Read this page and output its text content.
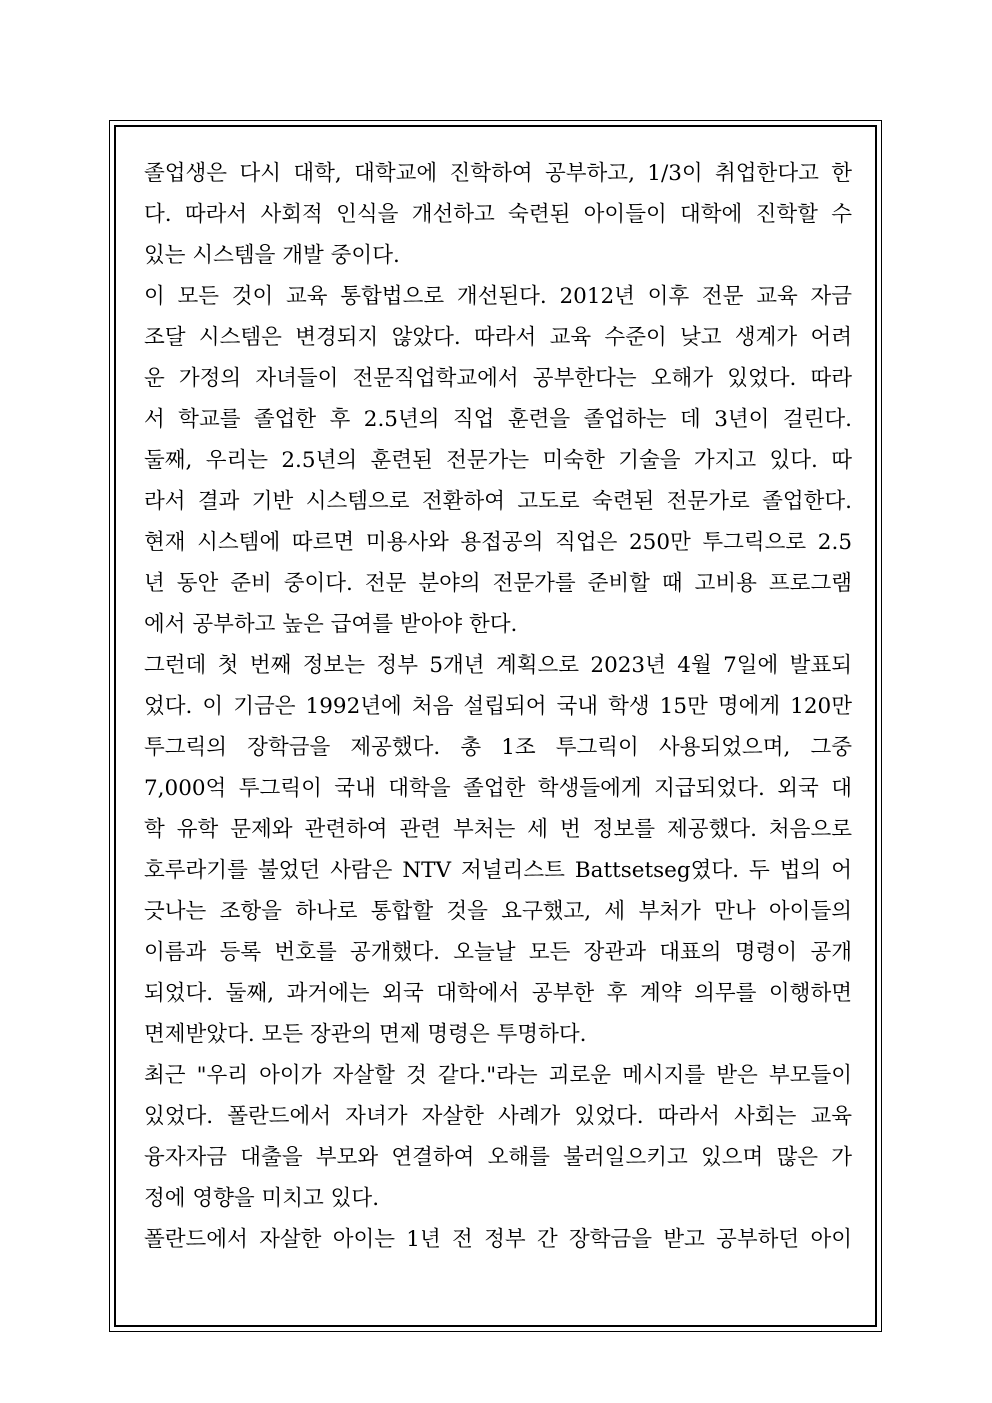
졸업생은 다시 대학, 대학교에 진학하여 공부하고, 1/3이 취업한다고 한
다. 따라서 사회적 인식을 개선하고 숙련된 아이들이 대학에 진학할 수
있는 시스템을 개발 중이다.
이 모든 것이 교육 통합법으로 개선된다. 2012년 이후 전문 교육 자금
조달 시스템은 변경되지 않았다. 따라서 교육 수준이 낮고 생계가 어려
운 가정의 자녀들이 전문직업학교에서 공부한다는 오해가 있었다. 따라
서 학교를 졸업한 후 2.5년의 직업 훈련을 졸업하는 데 3년이 걸린다.
둘째, 우리는 2.5년의 훈련된 전문가는 미숙한 기술을 가지고 있다. 따
라서 결과 기반 시스템으로 전환하여 고도로 숙련된 전문가로 졸업한다.
현재 시스템에 따르면 미용사와 용접공의 직업은 250만 투그릭으로 2.5
년 동안 준비 중이다. 전문 분야의 전문가를 준비할 때 고비용 프로그램
에서 공부하고 높은 급여를 받아야 한다.
그런데 첫 번째 정보는 정부 5개년 계획으로 2023년 4월 7일에 발표되
었다. 이 기금은 1992년에 처음 설립되어 국내 학생 15만 명에게 120만
투그릭의 장학금을 제공했다. 총 1조 투그릭이 사용되었으며, 그중
7,000억 투그릭이 국내 대학을 졸업한 학생들에게 지급되었다. 외국 대
학 유학 문제와 관련하여 관련 부처는 세 번 정보를 제공했다. 처음으로
호루라기를 불었던 사람은 NTV 저널리스트 Battsetseg였다. 두 법의 어
긋나는 조항을 하나로 통합할 것을 요구했고, 세 부처가 만나 아이들의
이름과 등록 번호를 공개했다. 오늘날 모든 장관과 대표의 명령이 공개
되었다. 둘째, 과거에는 외국 대학에서 공부한 후 계약 의무를 이행하면
면제받았다. 모든 장관의 면제 명령은 투명하다.
최근 "우리 아이가 자살할 것 같다."라는 괴로운 메시지를 받은 부모들이
있었다. 폴란드에서 자녀가 자살한 사례가 있었다. 따라서 사회는 교육
융자자금 대출을 부모와 연결하여 오해를 불러일으키고 있으며 많은 가
정에 영향을 미치고 있다.
폴란드에서 자살한 아이는 1년 전 정부 간 장학금을 받고 공부하던 아이
